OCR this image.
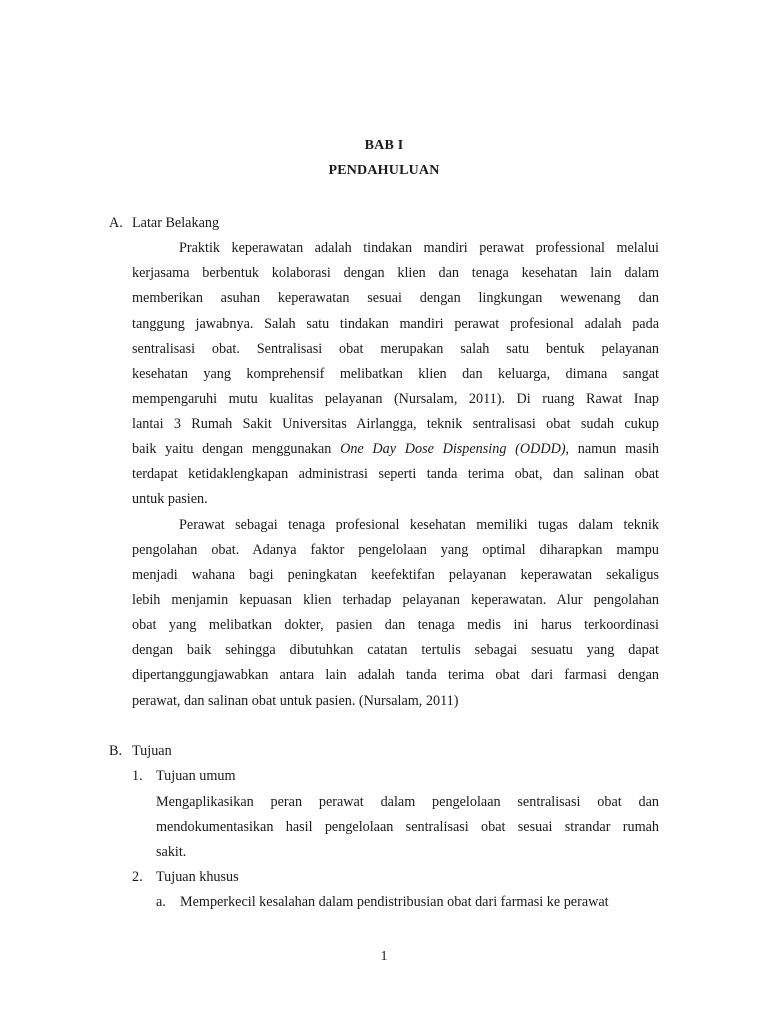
BAB I
PENDAHULUAN
A. Latar Belakang
Praktik keperawatan adalah tindakan mandiri perawat professional melalui
kerjasama berbentuk kolaborasi dengan klien dan tenaga kesehatan lain dalam
memberikan asuhan keperawatan sesuai dengan lingkungan wewenang dan
tanggung jawabnya. Salah satu tindakan mandiri perawat profesional adalah pada
sentralisasi obat. Sentralisasi obat merupakan salah satu bentuk pelayanan
kesehatan yang komprehensif melibatkan klien dan keluarga, dimana sangat
mempengaruhi mutu kualitas pelayanan (Nursalam, 2011). Di ruang Rawat Inap
lantai 3 Rumah Sakit Universitas Airlangga, teknik sentralisasi obat sudah cukup
baik yaitu dengan menggunakan One Day Dose Dispensing (ODDD), namun masih
terdapat ketidaklengkapan administrasi seperti tanda terima obat, dan salinan obat
untuk pasien.
Perawat sebagai tenaga profesional kesehatan memiliki tugas dalam teknik
pengolahan obat. Adanya faktor pengelolaan yang optimal diharapkan mampu
menjadi wahana bagi peningkatan keefektifan pelayanan keperawatan sekaligus
lebih menjamin kepuasan klien terhadap pelayanan keperawatan. Alur pengolahan
obat yang melibatkan dokter, pasien dan tenaga medis ini harus terkoordinasi
dengan baik sehingga dibutuhkan catatan tertulis sebagai sesuatu yang dapat
dipertanggungjawabkan antara lain adalah tanda terima obat dari farmasi dengan
perawat, dan salinan obat untuk pasien. (Nursalam, 2011)
B. Tujuan
1. Tujuan umum
Mengaplikasikan peran perawat dalam pengelolaan sentralisasi obat dan
mendokumentasikan hasil pengelolaan sentralisasi obat sesuai strandar rumah
sakit.
2. Tujuan khusus
a. Memperkecil kesalahan dalam pendistribusian obat dari farmasi ke perawat
1
